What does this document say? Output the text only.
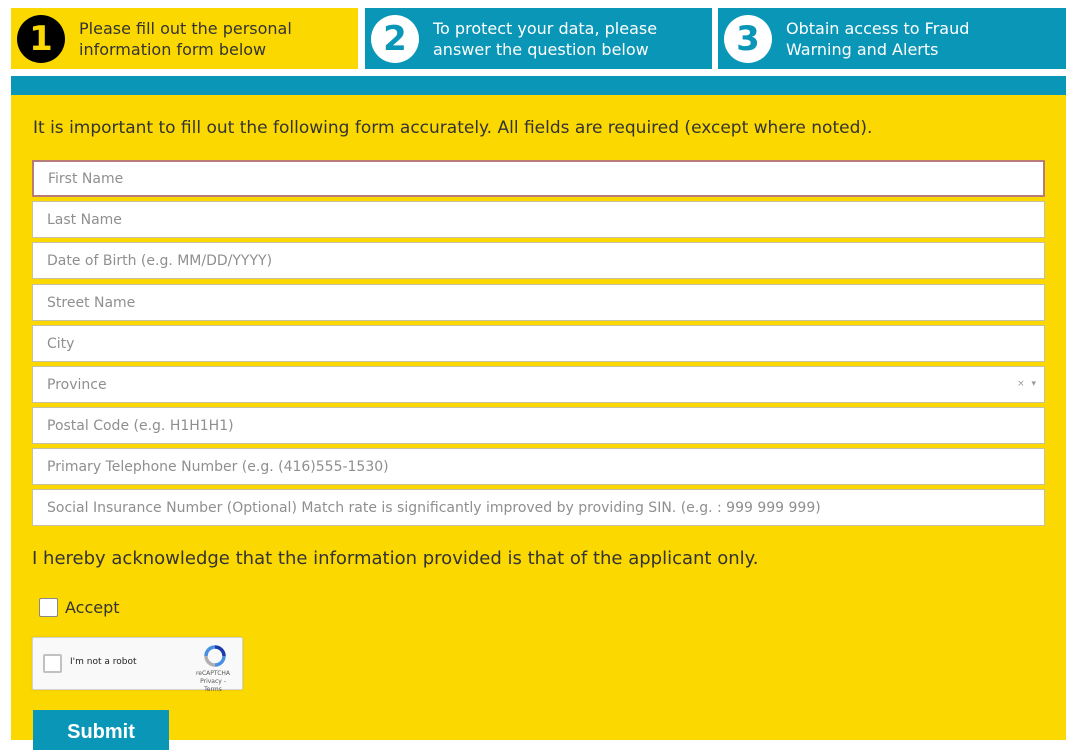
1	Please fill out the personal
information form below	2	To protect your data, please
answer the question below	3	Obtain access to Fraud
Warning and Alerts
It is important to fill out the following form accurately. All fields are required (except where noted).
First Name
Last Name
Date of Birth (e.g. MM/DD/YYYY)
Street Name
City
Province	× ▾
Postal Code (e.g. H1H1H1)
Primary Telephone Number (e.g. (416)555-1530)
Social Insurance Number (Optional) Match rate is significantly improved by providing SIN. (e.g. : 999 999 999)
I hereby acknowledge that the information provided is that of the applicant only.
Accept
I'm not a robot
reCAPTCHA
Privacy - Terms
Submit
